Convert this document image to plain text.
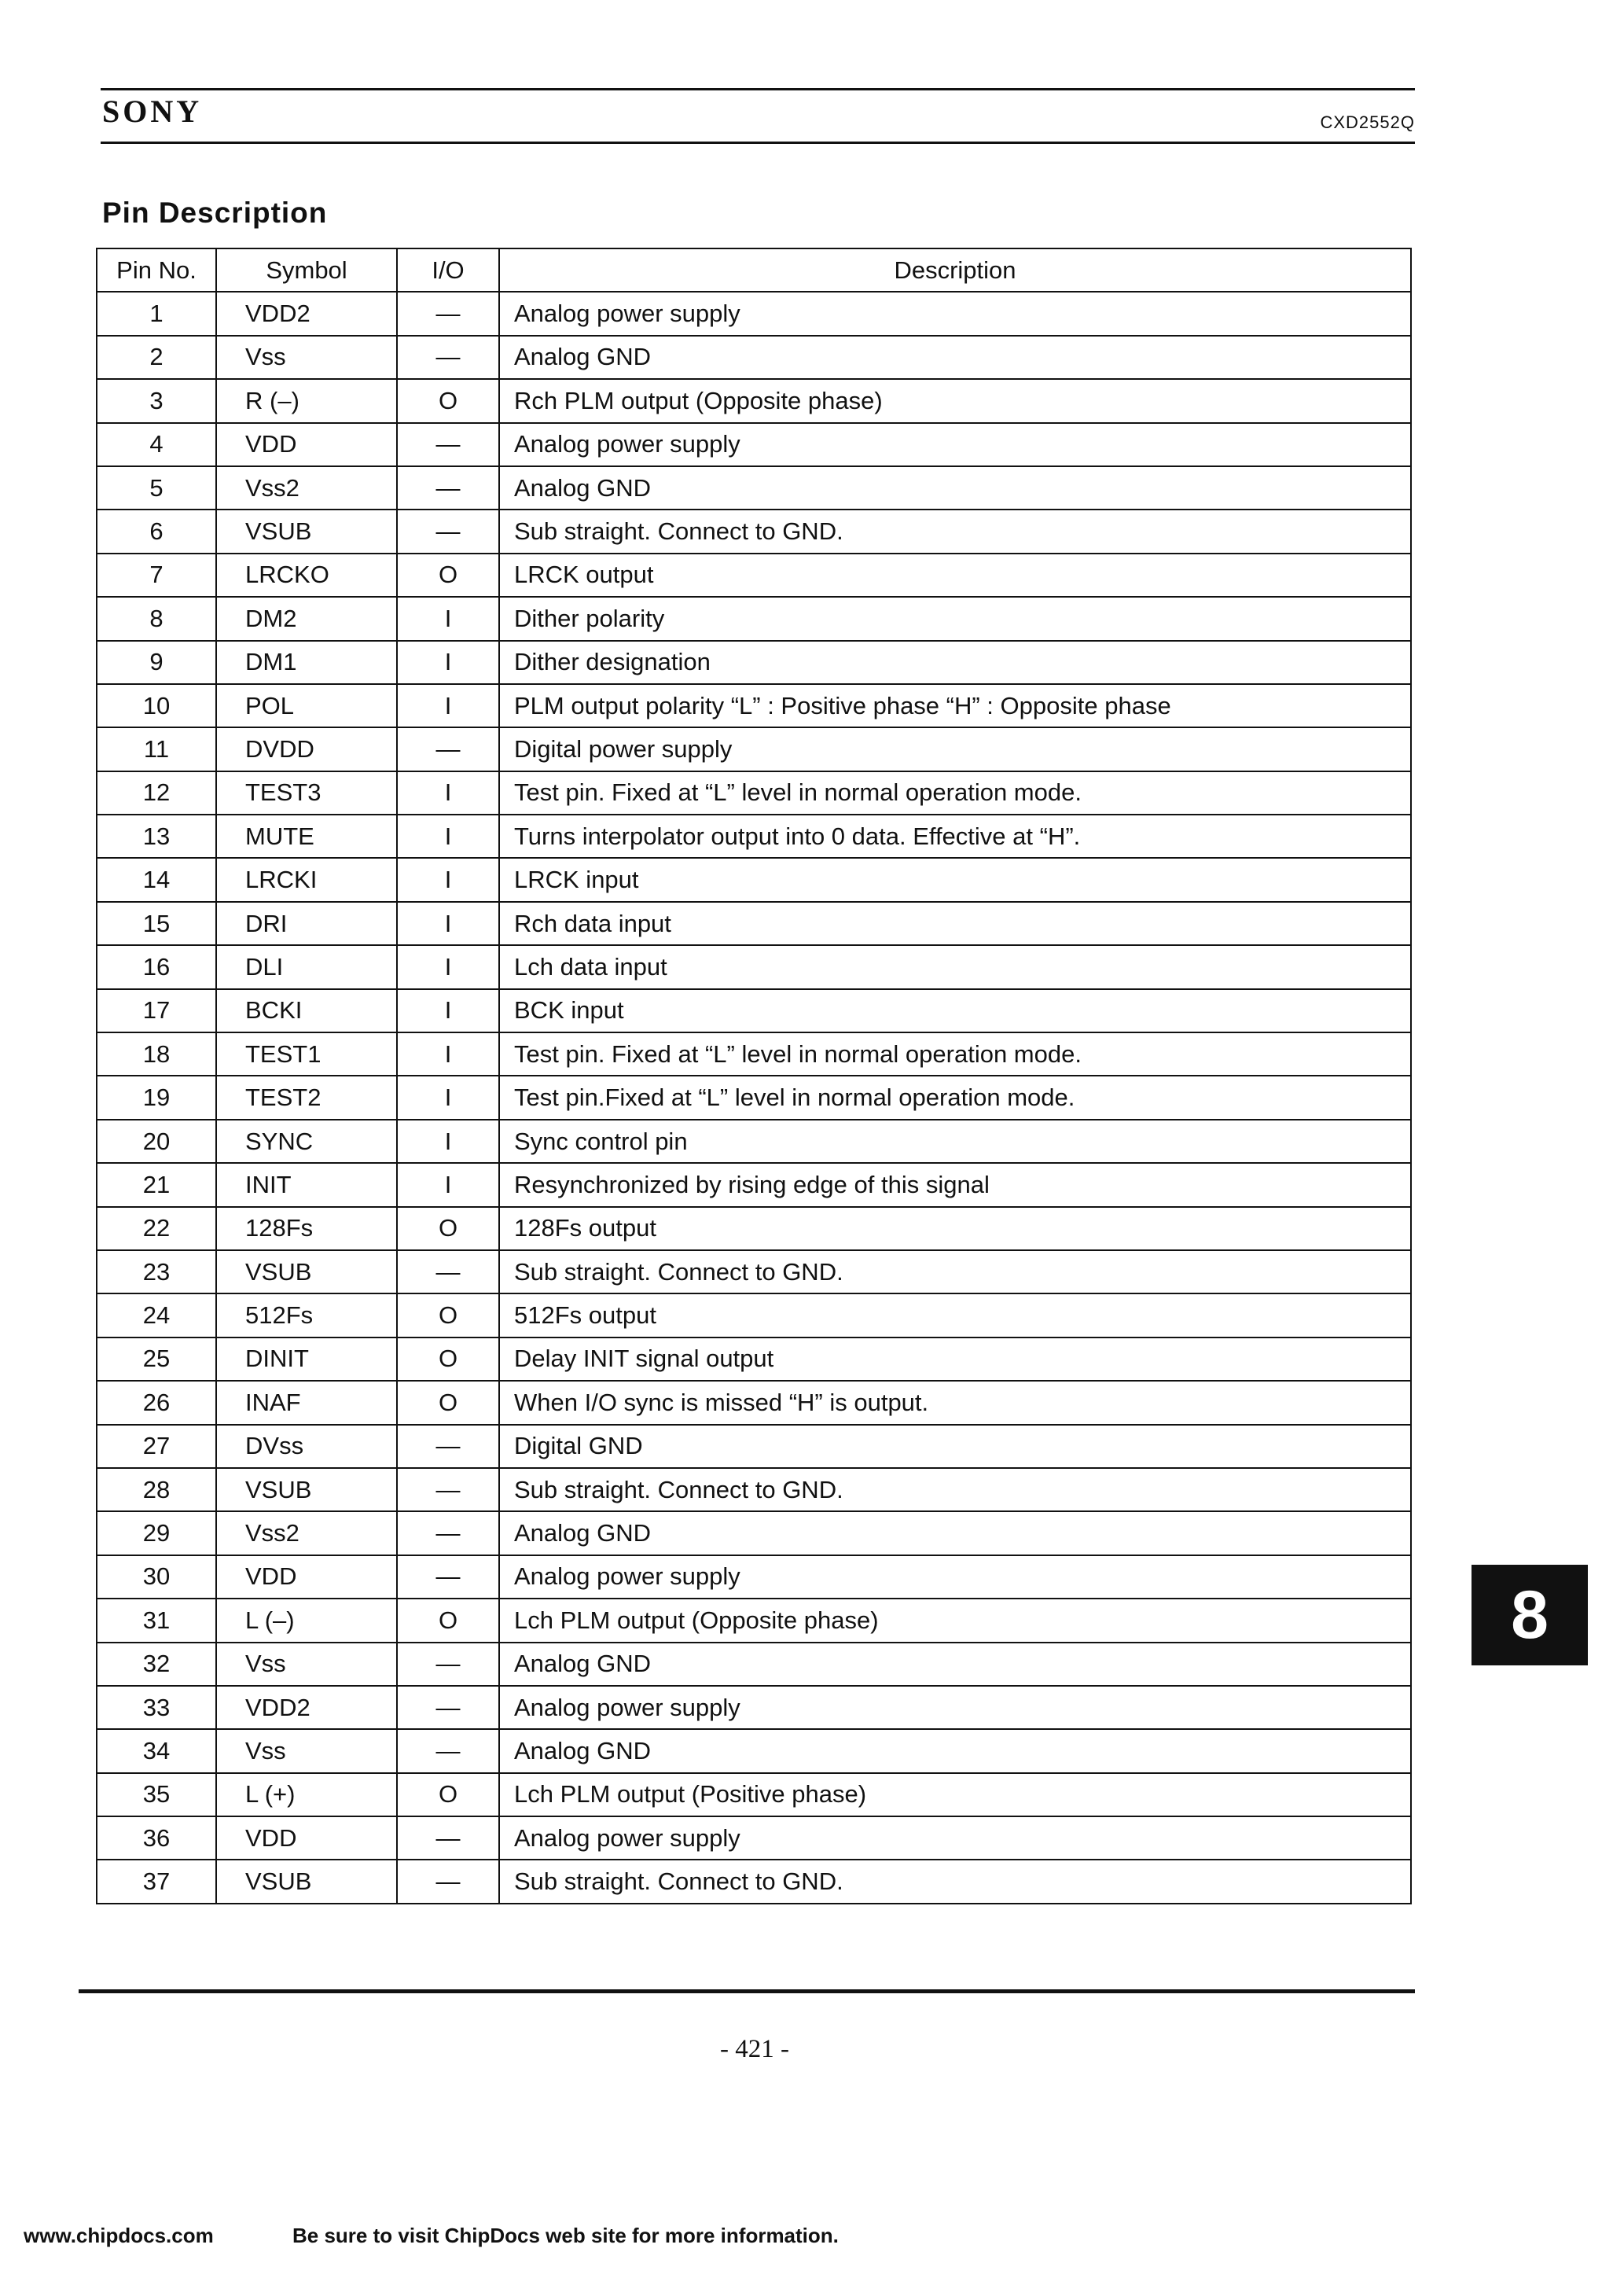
SONY	CXD2552Q
Pin Description
Pin No.	Symbol	I/O	Description
1	VDD2	—	Analog power supply
2	Vss	—	Analog GND
3	R (–)	O	Rch PLM output (Opposite phase)
4	VDD	—	Analog power supply
5	Vss2	—	Analog GND
6	VSUB	—	Sub straight. Connect to GND.
7	LRCKO	O	LRCK output
8	DM2	I	Dither polarity
9	DM1	I	Dither designation
10	POL	I	PLM output polarity “L” : Positive phase “H” : Opposite phase
11	DVDD	—	Digital power supply
12	TEST3	I	Test pin. Fixed at “L” level in normal operation mode.
13	MUTE	I	Turns interpolator output into 0 data. Effective at “H”.
14	LRCKI	I	LRCK input
15	DRI	I	Rch data input
16	DLI	I	Lch data input
17	BCKI	I	BCK input
18	TEST1	I	Test pin. Fixed at “L” level in normal operation mode.
19	TEST2	I	Test pin.Fixed at “L” level in normal operation mode.
20	SYNC	I	Sync control pin
21	INIT	I	Resynchronized by rising edge of this signal
22	128Fs	O	128Fs output
23	VSUB	—	Sub straight. Connect to GND.
24	512Fs	O	512Fs output
25	DINIT	O	Delay INIT signal output
26	INAF	O	When I/O sync is missed “H” is output.
27	DVss	—	Digital GND
28	VSUB	—	Sub straight. Connect to GND.
29	Vss2	—	Analog GND
30	VDD	—	Analog power supply
31	L (–)	O	Lch PLM output (Opposite phase)
32	Vss	—	Analog GND
33	VDD2	—	Analog power supply
34	Vss	—	Analog GND
35	L (+)	O	Lch PLM output (Positive phase)
36	VDD	—	Analog power supply
37	VSUB	—	Sub straight. Connect to GND.
8
- 421 -
www.chipdocs.com	Be sure to visit ChipDocs web site for more information.
